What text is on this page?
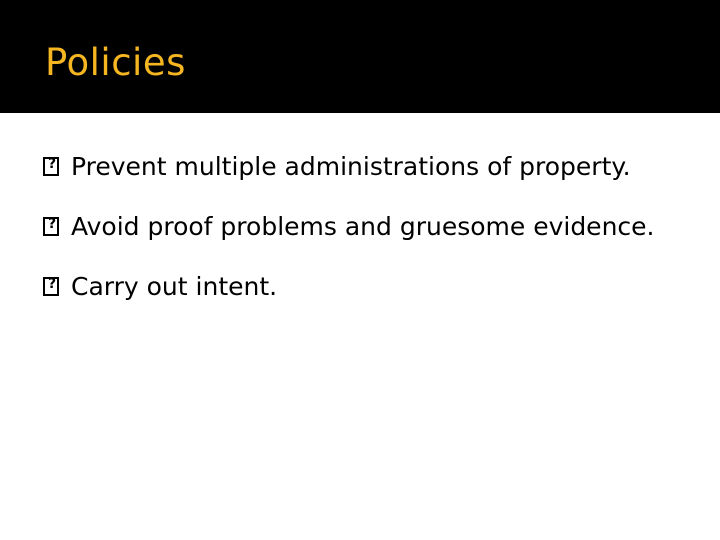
Policies
?
Prevent multiple administrations of property.
?
Avoid proof problems and gruesome evidence.
?
Carry out intent.
